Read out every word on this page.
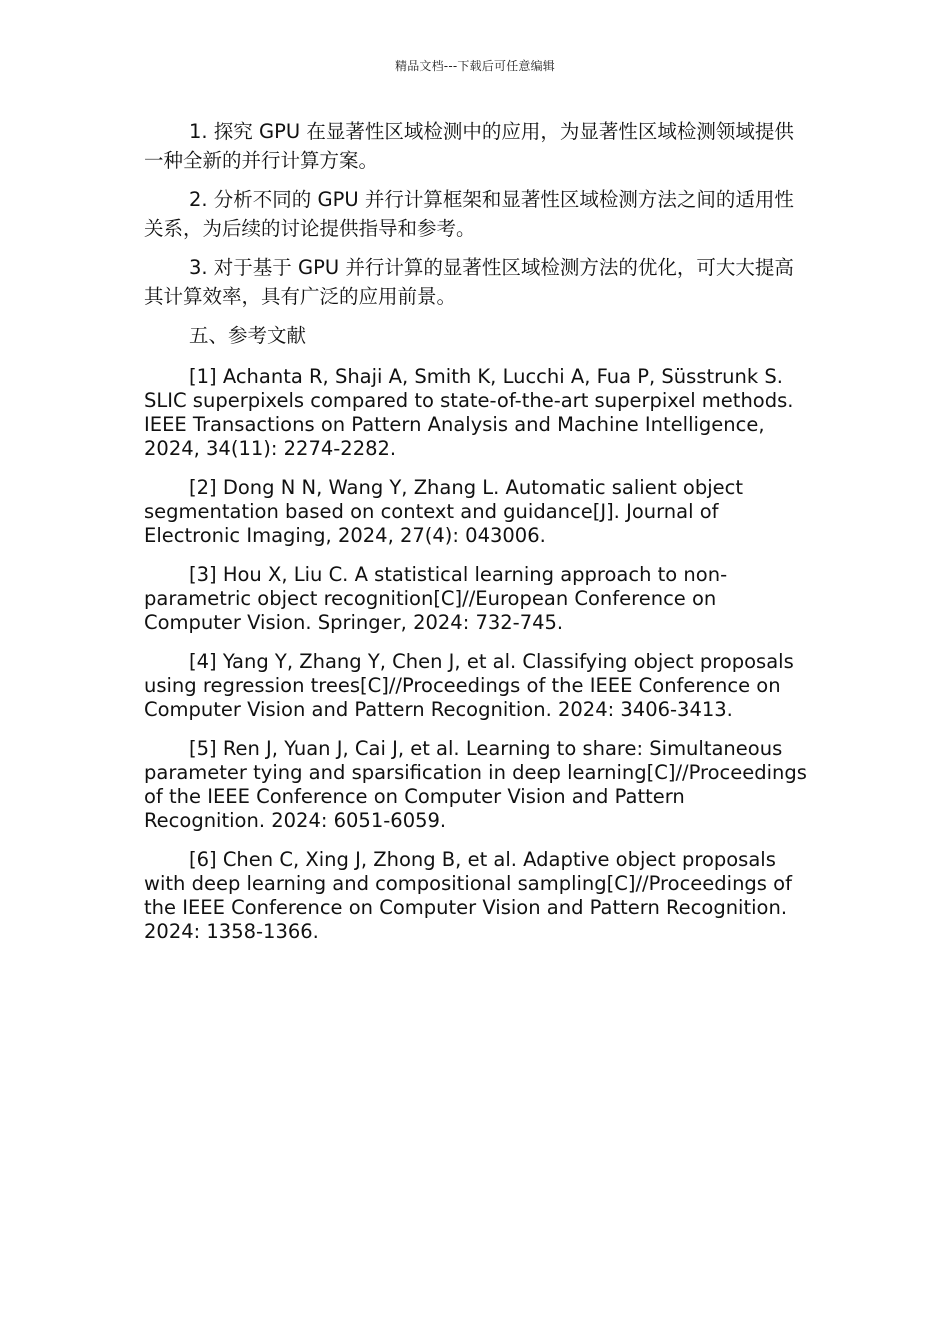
精品文档---下载后可任意编辑

1. 探究 GPU 在显著性区域检测中的应用，为显著性区域检测领域提供一种全新的并行计算方案。

2. 分析不同的 GPU 并行计算框架和显著性区域检测方法之间的适用性关系，为后续的讨论提供指导和参考。

3. 对于基于 GPU 并行计算的显著性区域检测方法的优化，可大大提高其计算效率，具有广泛的应用前景。

五、参考文献

[1] Achanta R, Shaji A, Smith K, Lucchi A, Fua P, Süsstrunk S. SLIC superpixels compared to state-of-the-art superpixel methods. IEEE Transactions on Pattern Analysis and Machine Intelligence, 2024, 34(11): 2274-2282.

[2] Dong N N, Wang Y, Zhang L. Automatic salient object segmentation based on context and guidance[J]. Journal of Electronic Imaging, 2024, 27(4): 043006.

[3] Hou X, Liu C. A statistical learning approach to non-parametric object recognition[C]//European Conference on Computer Vision. Springer, 2024: 732-745.

[4] Yang Y, Zhang Y, Chen J, et al. Classifying object proposals using regression trees[C]//Proceedings of the IEEE Conference on Computer Vision and Pattern Recognition. 2024: 3406-3413.

[5] Ren J, Yuan J, Cai J, et al. Learning to share: Simultaneous parameter tying and sparsification in deep learning[C]//Proceedings of the IEEE Conference on Computer Vision and Pattern Recognition. 2024: 6051-6059.

[6] Chen C, Xing J, Zhong B, et al. Adaptive object proposals with deep learning and compositional sampling[C]//Proceedings of the IEEE Conference on Computer Vision and Pattern Recognition. 2024: 1358-1366.
